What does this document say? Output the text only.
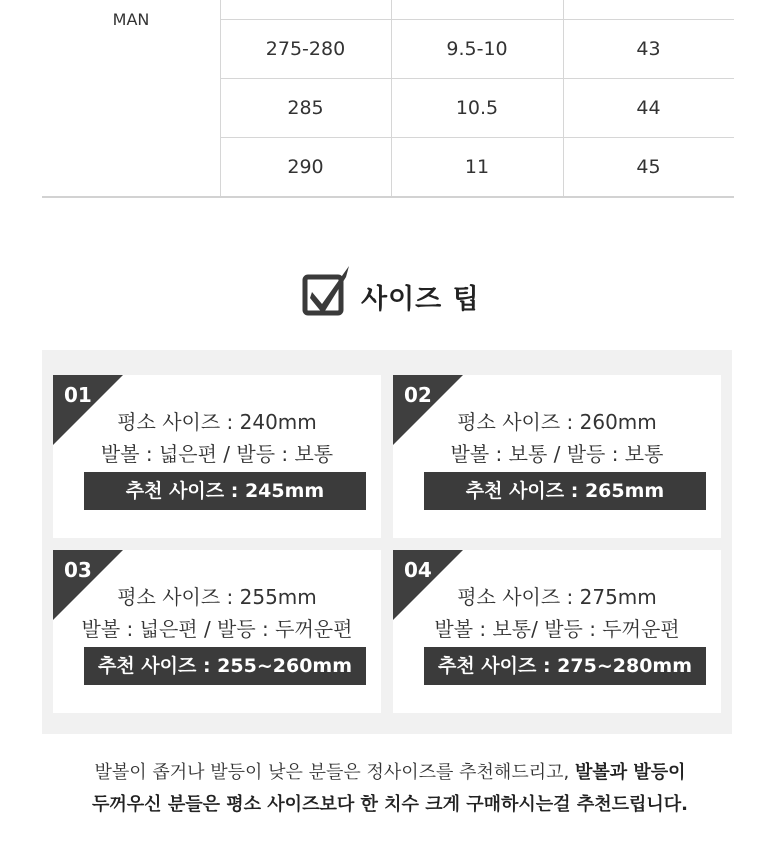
MAN
275-280	9.5-10	43
285	10.5	44
290	11	45
사이즈 팁
01
평소 사이즈 : 240mm
발볼 : 넓은편 / 발등 : 보통
추천 사이즈 : 245mm
02
평소 사이즈 : 260mm
발볼 : 보통 / 발등 : 보통
추천 사이즈 : 265mm
03
평소 사이즈 : 255mm
발볼 : 넓은편 / 발등 : 두꺼운편
추천 사이즈 : 255~260mm
04
평소 사이즈 : 275mm
발볼 : 보통/ 발등 : 두꺼운편
추천 사이즈 : 275~280mm
발볼이 좁거나 발등이 낮은 분들은 정사이즈를 추천해드리고, 발볼과 발등이
두꺼우신 분들은 평소 사이즈보다 한 치수 크게 구매하시는걸 추천드립니다.
